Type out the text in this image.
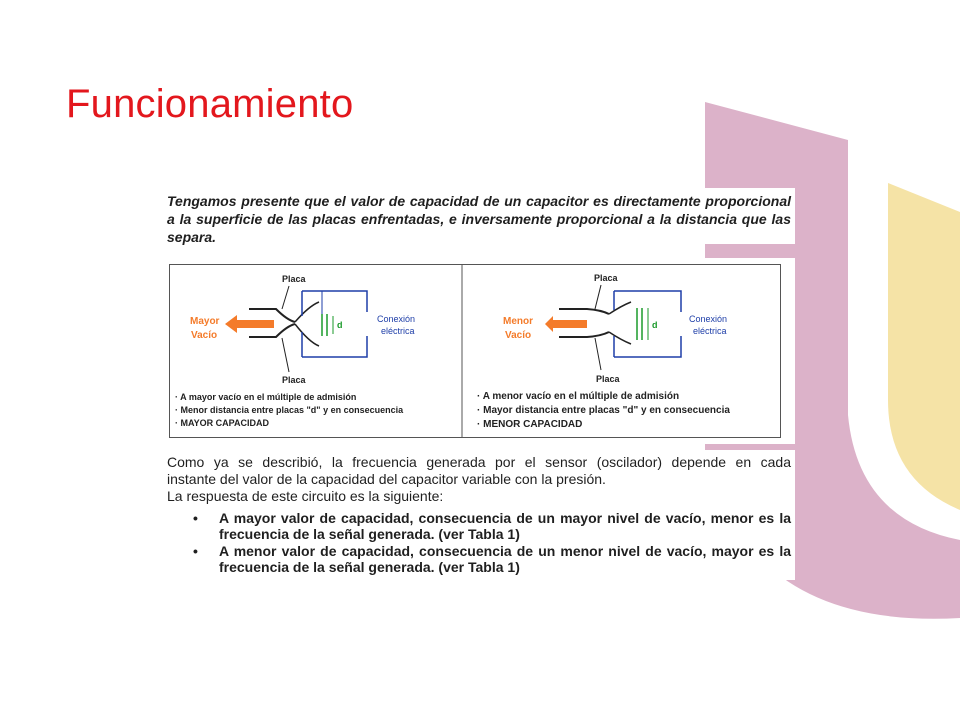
Funcionamiento
Tengamos presente que el valor de capacidad de un capacitor es directamente proporcional a la superficie de las placas enfrentadas, e inversamente proporcional a la distancia que las separa.
Placa
d
Conexión
eléctrica
Mayor
Vacío
Placa
· A mayor vacío en el múltiple de admisión
· Menor distancia entre placas "d" y en consecuencia
· MAYOR CAPACIDAD
Placa
d
Conexión
eléctrica
Menor
Vacío
Placa
· A menor vacío en el múltiple de admisión
· Mayor distancia entre placas "d" y en consecuencia
· MENOR CAPACIDAD
Como ya se describió, la frecuencia generada por el sensor (oscilador) depende en cada
instante del valor de la capacidad del capacitor variable con la presión.
La respuesta de este circuito es la siguiente:
• A mayor valor de capacidad, consecuencia de un mayor nivel de vacío, menor es la frecuencia de la señal generada. (ver Tabla 1)
• A menor valor de capacidad, consecuencia de un menor nivel de vacío, mayor es la frecuencia de la señal generada. (ver Tabla 1)
